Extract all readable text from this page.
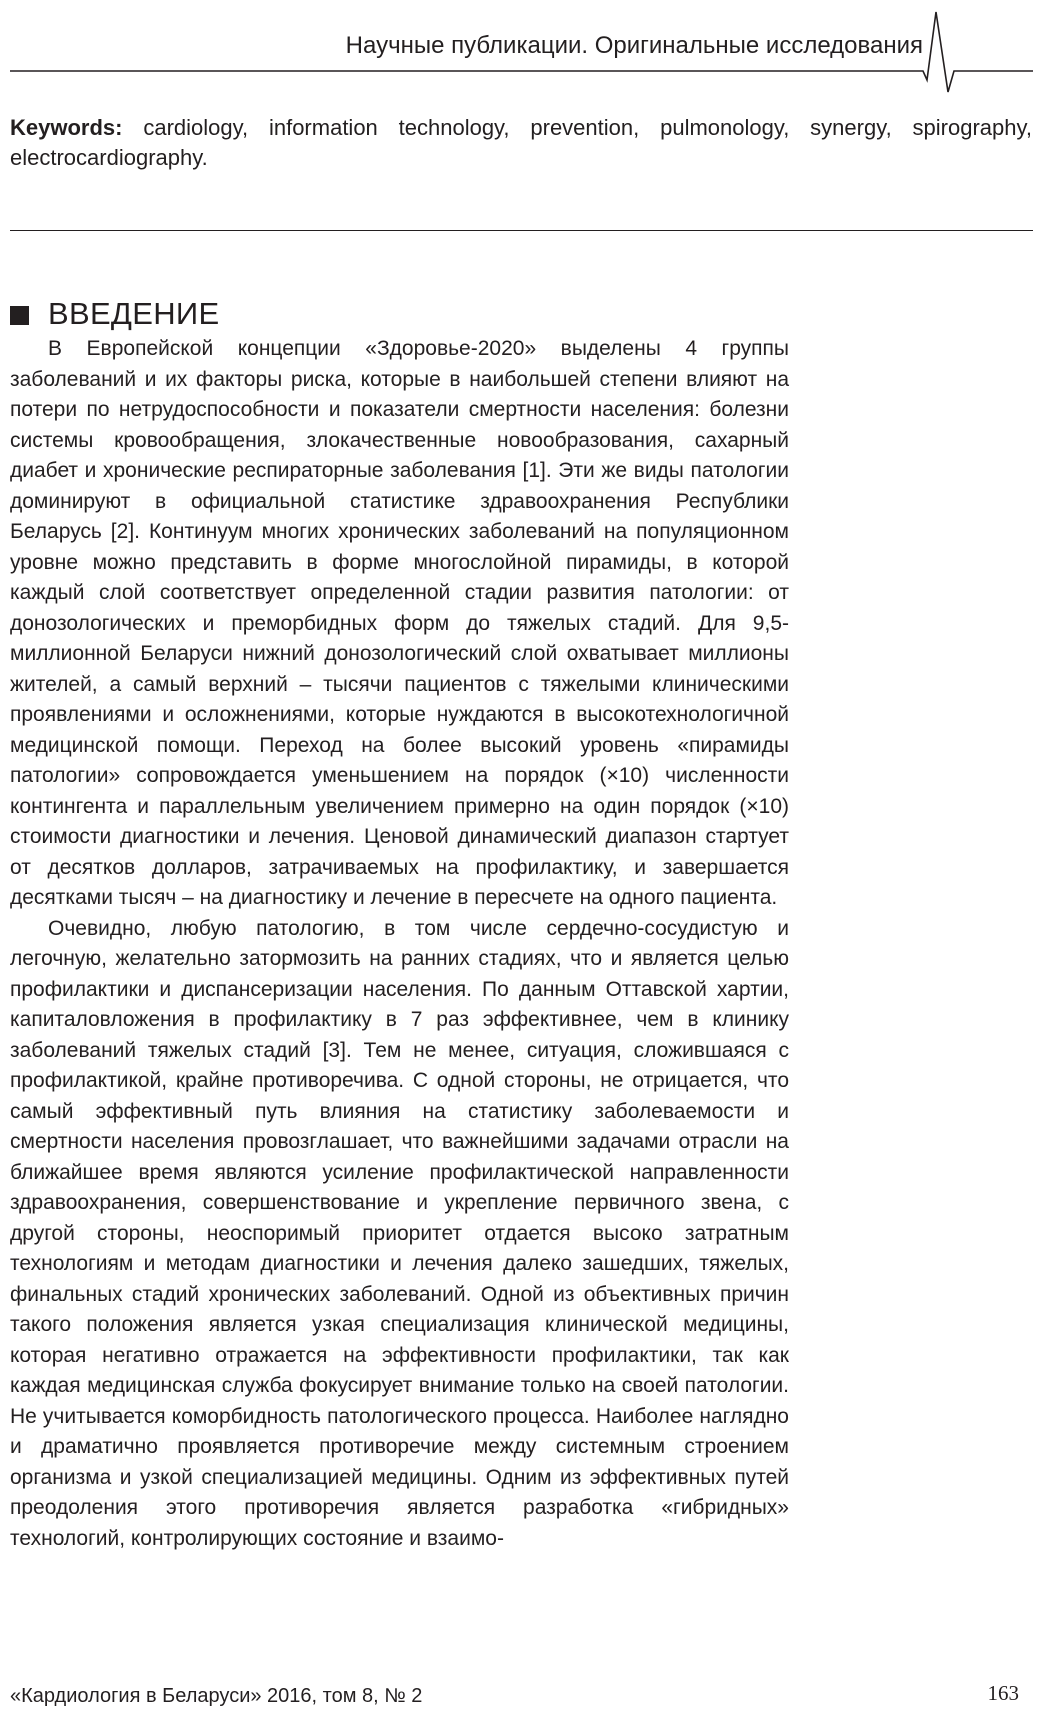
Научные публикации. Оригинальные исследования
Keywords: cardiology, information technology, prevention, pulmonology, synergy, spirography, electrocardiography.
ВВЕДЕНИЕ

В Европейской концепции «Здоровье-2020» выделены 4 группы заболеваний и их факторы риска, которые в наибольшей степени влияют на потери по нетрудоспособности и показатели смертности населения: болезни системы кровообращения, злокачественные новообразования, сахарный диабет и хронические респираторные заболевания [1]. Эти же виды патологии доминируют в официальной статистике здравоохранения Республики Беларусь [2]. Континуум многих хронических заболеваний на популяционном уровне можно представить в форме многослойной пирамиды, в которой каждый слой соответствует определенной стадии развития патологии: от донозологических и преморбидных форм до тяжелых стадий. Для 9,5-миллионной Беларуси нижний донозологический слой охватывает миллионы жителей, а самый верхний – тысячи пациентов с тяжелыми клиническими проявлениями и осложнениями, которые нуждаются в высокотехнологичной медицинской помощи. Переход на более высокий уровень «пирамиды патологии» сопровождается уменьшением на порядок (×10) численности контингента и параллельным увеличением примерно на один порядок (×10) стоимости диагностики и лечения. Ценовой динамический диапазон стартует от десятков долларов, затрачиваемых на профилактику, и завершается десятками тысяч – на диагностику и лечение в пересчете на одного пациента.

Очевидно, любую патологию, в том числе сердечно-сосудистую и легочную, желательно затормозить на ранних стадиях, что и является целью профилактики и диспансеризации населения. По данным Оттавской хартии, капиталовложения в профилактику в 7 раз эффективнее, чем в клинику заболеваний тяжелых стадий [3]. Тем не менее, ситуация, сложившаяся с профилактикой, крайне противоречива. С одной стороны, не отрицается, что самый эффективный путь влияния на статистику заболеваемости и смертности населения провозглашает, что важнейшими задачами отрасли на ближайшее время являются усиление профилактической направленности здравоохранения, совершенствование и укрепление первичного звена, с другой стороны, неоспоримый приоритет отдается высоко затратным технологиям и методам диагностики и лечения далеко зашедших, тяжелых, финальных стадий хронических заболеваний. Одной из объективных причин такого положения является узкая специализация клинической медицины, которая негативно отражается на эффективности профилактики, так как каждая медицинская служба фокусирует внимание только на своей патологии. Не учитывается коморбидность патологического процесса. Наиболее наглядно и драматично проявляется противоречие между системным строением организма и узкой специализацией медицины. Одним из эффективных путей преодоления этого противоречия является разработка «гибридных» технологий, контролирующих состояние и взаимо-

«Кардиология в Беларуси» 2016, том 8, № 2	163
